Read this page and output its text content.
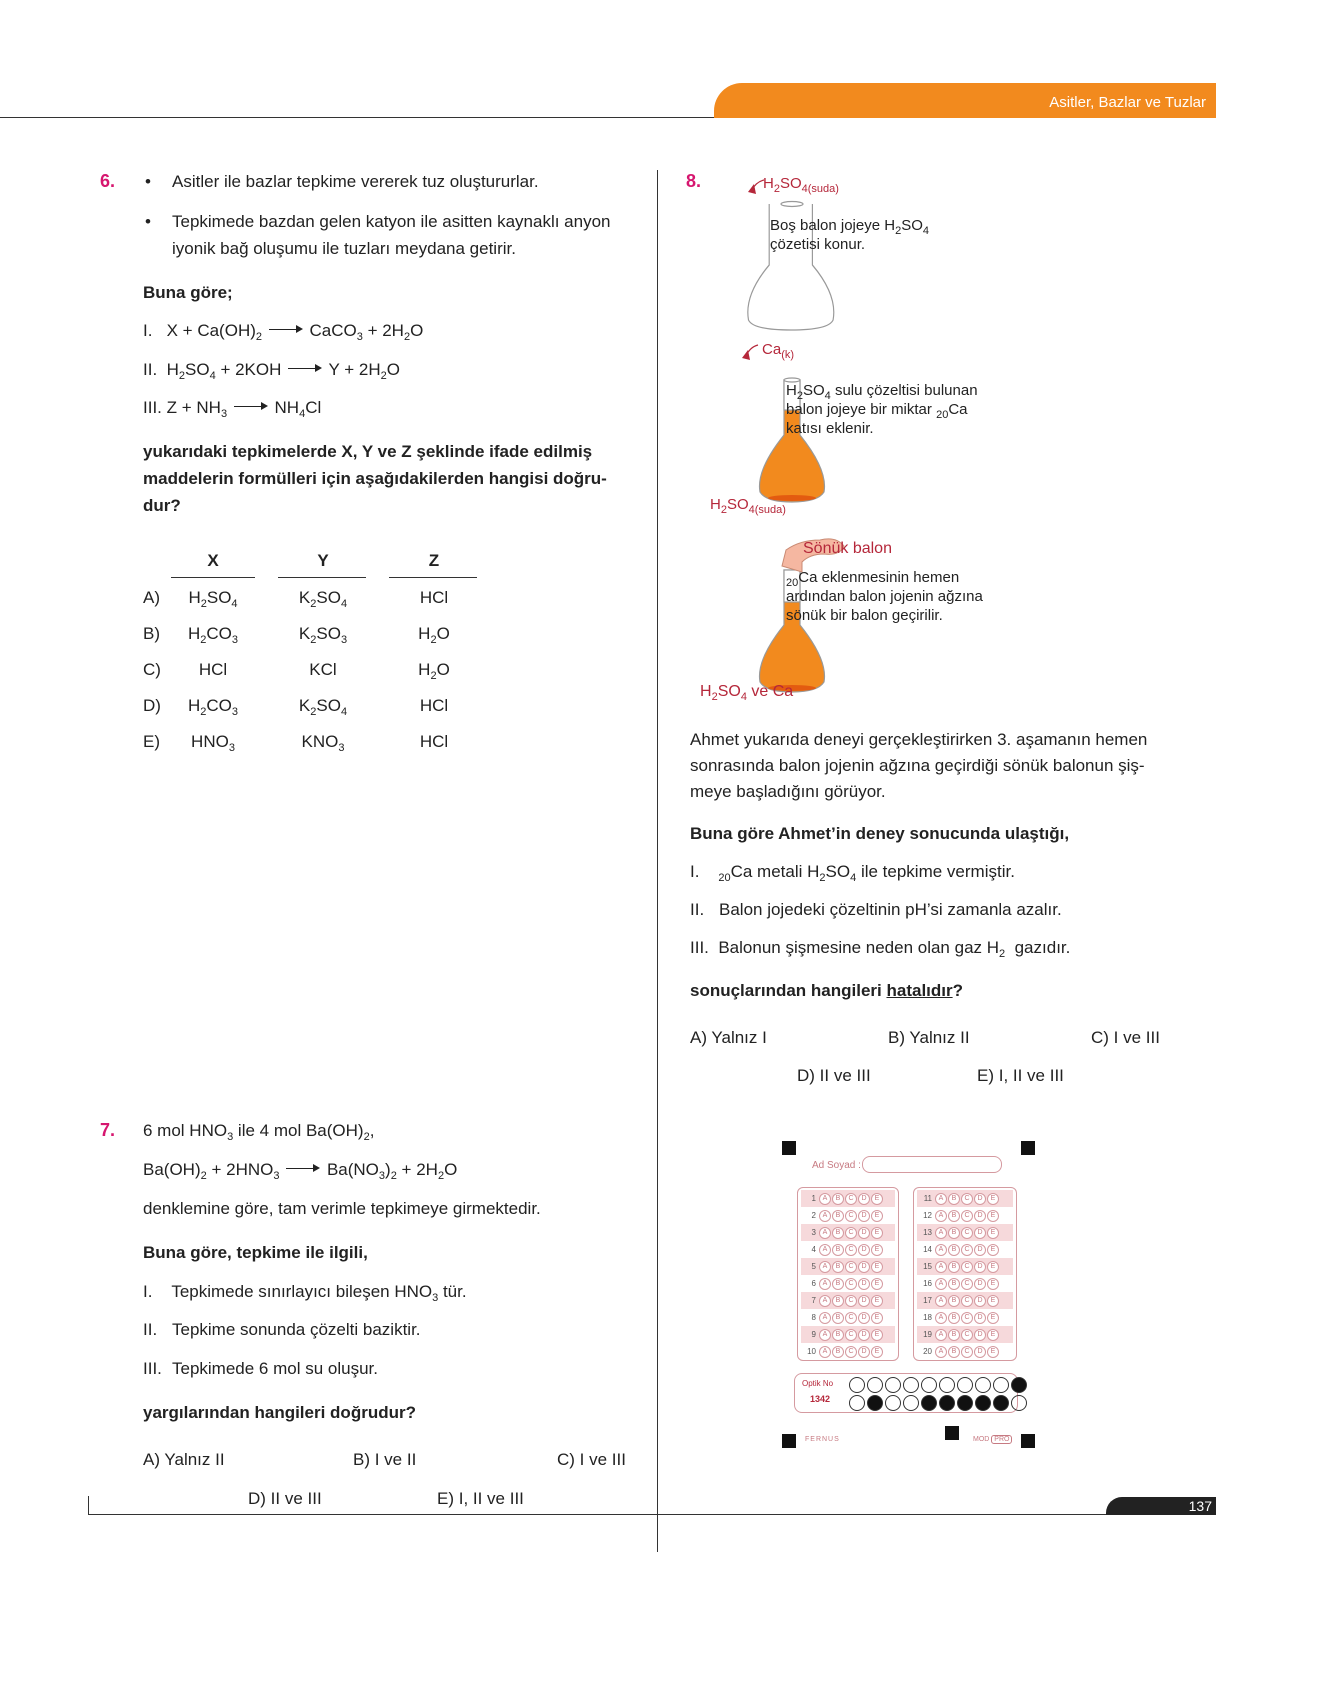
Asitler, Bazlar ve Tuzlar
6. • Asitler ile bazlar tepkime vererek tuz oluştururlar.
• Tepkimede bazdan gelen katyon ile asitten kaynaklı anyon
iyonik bağ oluşumu ile tuzları meydana getirir.
Buna göre;
I.   $X + Ca(OH)_2$	CaCO$_3$ + $2H_2O$
II.  $H_2SO_4 + 2KOH$  $Y + 2H_2O$
III. $Z + NH_3$	$NH_4Cl$
yukarıdaki tepkimelerde X, Y ve Z şeklinde ifade edilmiş
maddelerin formülleri için aşağıdakilerden hangisi doğru-
dur?
X	Y	Z
A)	$H_2SO_4$	$K_2SO_4$	HCl
B)	$H_2CO_3$	$K_2SO_3$	$H_2O$
C)	HCl	KCl	$H_2O$
D)	$H_2CO_3$	$K_2SO_4$	HCl
E)	$HNO_3$	$KNO_3$	HCl
7. 6 mol $HNO_3$ ile 4 mol $Ba(OH)_2$,
$Ba(OH)_2 + 2HNO_3$	$Ba(NO_3)_2 + 2H_2O$
denklemine göre, tam verimle tepkimeye girmektedir.
Buna göre, tepkime ile ilgili,
I.    Tepkimede sınırlayıcı bileşen $HNO_3$ tür.
II. Tepkime sonunda çözelti baziktir.
III. Tepkimede 6 mol su oluşur.
yargılarından hangileri doğrudur?
A) Yalnız II	B) I ve II	C) I ve III
D) II ve III	E) I, II ve III
8.	$H_2SO_{4(suda)}$
Boş balon jojeye $H_2SO_4$
çözetisi konur.
$Ca_{(k)}$
$H_2SO_4$ sulu çözeltisi bulunan
balon jojeye bir miktar $_{20}$Ca
katısı eklenir.
$H_2SO_{4(suda)}$
Sönük balon
$_{20}$Ca eklenmesinin hemen
ardından balon jojenin ağzına
sönük bir balon geçirilir.
$H_2SO_4$ ve Ca
Ahmet yukarıda deneyi gerçekleştirirken 3. aşamanın hemen
sonrasında balon jojenin ağzına geçirdiği sönük balonun şiş-
meye başladığını görüyor.
Buna göre Ahmet’in deney sonucunda ulaştığı,
I.    $_{20}$Ca metali $H_2SO_4$ ile tepkime vermiştir.
II. Balon jojedeki çözeltinin pH’si zamanla azalır.
III.  Balonun şişmesine neden olan gaz $H_2$  gazıdır.
sonuçlarından hangileri hatalıdır?
A) Yalnız I	B) Yalnız II	C) I ve III
D) II ve III	E) I, II ve III
Ad Soyad :
1 A	B	C	D	E
2 A	B	C	D	E
3 A	B	C	D	E
4 A	B	C	D	E
5 A	B	C	D	E
6 A	B	C	D	E
7 A	B	C	D	E
8 A	B	C	D	E
9 A	B	C	D	E
10 A	B	C	D	E
11 A	B	C	D	E
12 A	B	C	D	E
13 A	B	C	D	E
14 A	B	C	D	E
15 A	B	C	D	E
16 A	B	C	D	E
17 A	B	C	D	E
18 A	B	C	D	E
19 A	B	C	D	E
20 A	B	C	D	E
Optik No
1342
FERNUS	MOD PRO
137
